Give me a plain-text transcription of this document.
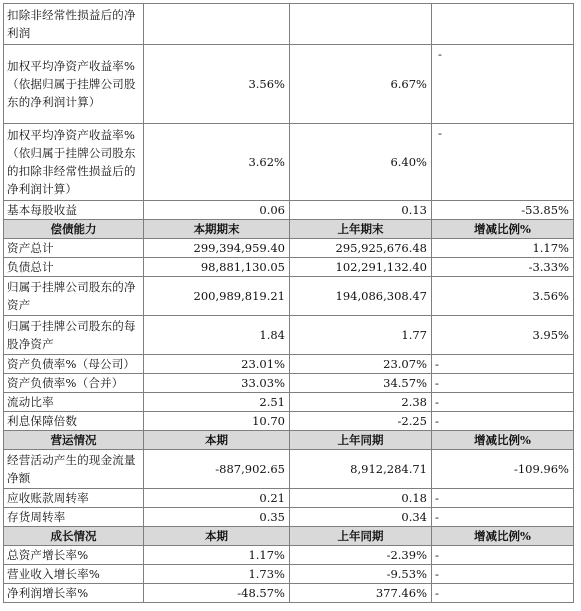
扣除非经常性损益后的净利润			
加权平均净资产收益率%（依据归属于挂牌公司股东的净利润计算）	3.56%	6.67%	-
加权平均净资产收益率%（依归属于挂牌公司股东的扣除非经常性损益后的净利润计算）	3.62%	6.40%	-
基本每股收益	0.06	0.13	-53.85%
偿债能力	本期期末	上年期末	增减比例%
资产总计	299,394,959.40	295,925,676.48	1.17%
负债总计	98,881,130.05	102,291,132.40	-3.33%
归属于挂牌公司股东的净资产	200,989,819.21	194,086,308.47	3.56%
归属于挂牌公司股东的每股净资产	1.84	1.77	3.95%
资产负债率%（母公司）	23.01%	23.07%	-
资产负债率%（合并）	33.03%	34.57%	-
流动比率	2.51	2.38	-
利息保障倍数	10.70	-2.25	-
营运情况	本期	上年同期	增减比例%
经营活动产生的现金流量净额	-887,902.65	8,912,284.71	-109.96%
应收账款周转率	0.21	0.18	-
存货周转率	0.35	0.34	-
成长情况	本期	上年同期	增减比例%
总资产增长率%	1.17%	-2.39%	-
营业收入增长率%	1.73%	-9.53%	-
净利润增长率%	-48.57%	377.46%	-
